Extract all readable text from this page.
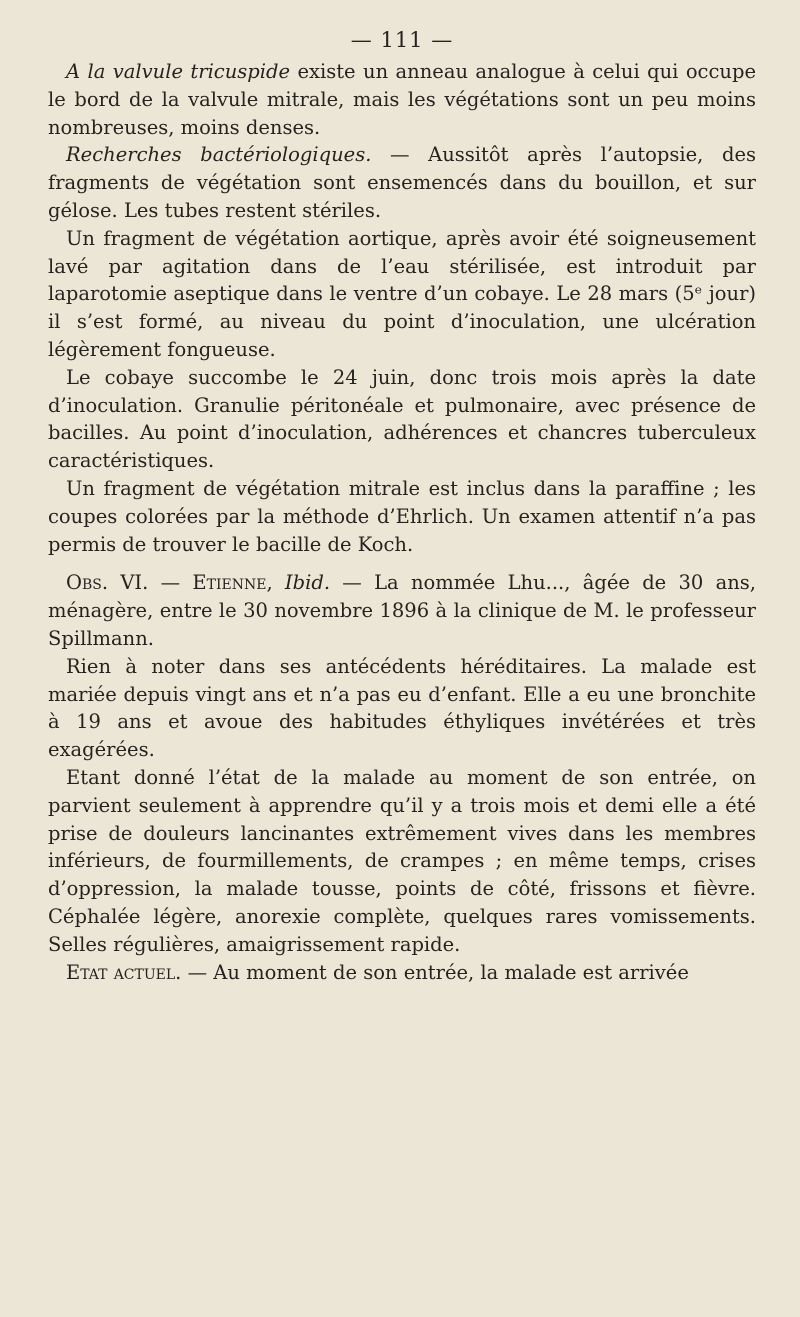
— 111 —

A la valvule tricuspide existe un anneau analogue à celui qui occupe le bord de la valvule mitrale, mais les végétations sont un peu moins nombreuses, moins denses.

Recherches bactériologiques. — Aussitôt après l’autopsie, des fragments de végétation sont ensemencés dans du bouillon, et sur gélose. Les tubes restent stériles.

Un fragment de végétation aortique, après avoir été soigneusement lavé par agitation dans de l’eau stérilisée, est introduit par laparotomie aseptique dans le ventre d’un cobaye. Le 28 mars (5ᵉ jour) il s’est formé, au niveau du point d’inoculation, une ulcération légèrement fongueuse.

Le cobaye succombe le 24 juin, donc trois mois après la date d’inoculation. Granulie péritonéale et pulmonaire, avec présence de bacilles. Au point d’inoculation, adhérences et chancres tuberculeux caractéristiques.

Un fragment de végétation mitrale est inclus dans la paraffine ; les coupes colorées par la méthode d’Ehrlich. Un examen attentif n’a pas permis de trouver le bacille de Koch.

Obs. VI. — Etienne, Ibid. — La nommée Lhu..., âgée de 30 ans, ménagère, entre le 30 novembre 1896 à la clinique de M. le professeur Spillmann.

Rien à noter dans ses antécédents héréditaires. La malade est mariée depuis vingt ans et n’a pas eu d’enfant. Elle a eu une bronchite à 19 ans et avoue des habitudes éthyliques invétérées et très exagérées.

Etant donné l’état de la malade au moment de son entrée, on parvient seulement à apprendre qu’il y a trois mois et demi elle a été prise de douleurs lancinantes extrêmement vives dans les membres inférieurs, de fourmillements, de crampes ; en même temps, crises d’oppression, la malade tousse, points de côté, frissons et fièvre. Céphalée légère, anorexie complète, quelques rares vomissements. Selles régulières, amaigrissement rapide.

Etat actuel. — Au moment de son entrée, la malade est arrivée
